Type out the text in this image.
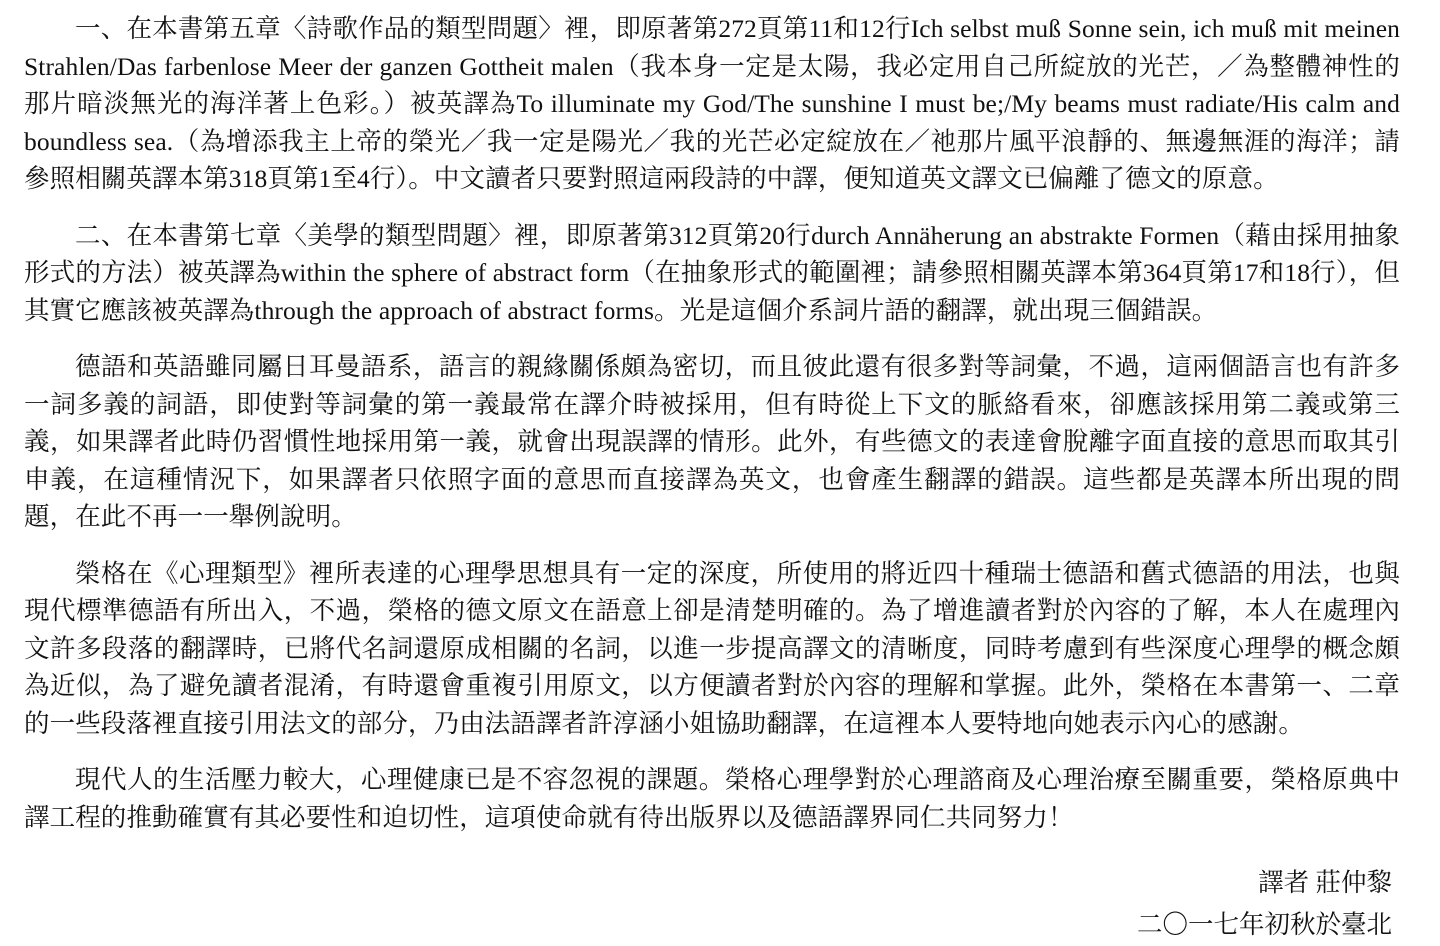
一、在本書第五章〈詩歌作品的類型問題〉裡，即原著第272頁第11和12行Ich selbst muß Sonne sein, ich muß mit meinen Strahlen/Das farbenlose Meer der ganzen Gottheit malen（我本身一定是太陽，我必定用自己所綻放的光芒，／為整體神性的那片暗淡無光的海洋著上色彩。）被英譯為To illuminate my God/The sunshine I must be;/My beams must radiate/His calm and boundless sea.（為增添我主上帝的榮光／我一定是陽光／我的光芒必定綻放在／祂那片風平浪靜的、無邊無涯的海洋；請參照相關英譯本第318頁第1至4行）。中文讀者只要對照這兩段詩的中譯，便知道英文譯文已偏離了德文的原意。

二、在本書第七章〈美學的類型問題〉裡，即原著第312頁第20行durch Annäherung an abstrakte Formen（藉由採用抽象形式的方法）被英譯為within the sphere of abstract form（在抽象形式的範圍裡；請參照相關英譯本第364頁第17和18行），但其實它應該被英譯為through the approach of abstract forms。光是這個介系詞片語的翻譯，就出現三個錯誤。

德語和英語雖同屬日耳曼語系，語言的親緣關係頗為密切，而且彼此還有很多對等詞彙，不過，這兩個語言也有許多一詞多義的詞語，即使對等詞彙的第一義最常在譯介時被採用，但有時從上下文的脈絡看來，卻應該採用第二義或第三義，如果譯者此時仍習慣性地採用第一義，就會出現誤譯的情形。此外，有些德文的表達會脫離字面直接的意思而取其引申義，在這種情況下，如果譯者只依照字面的意思而直接譯為英文，也會產生翻譯的錯誤。這些都是英譯本所出現的問題，在此不再一一舉例說明。

榮格在《心理類型》裡所表達的心理學思想具有一定的深度，所使用的將近四十種瑞士德語和舊式德語的用法，也與現代標準德語有所出入，不過，榮格的德文原文在語意上卻是清楚明確的。為了增進讀者對於內容的了解，本人在處理內文許多段落的翻譯時，已將代名詞還原成相關的名詞，以進一步提高譯文的清晰度，同時考慮到有些深度心理學的概念頗為近似，為了避免讀者混淆，有時還會重複引用原文，以方便讀者對於內容的理解和掌握。此外，榮格在本書第一、二章的一些段落裡直接引用法文的部分，乃由法語譯者許淳涵小姐協助翻譯，在這裡本人要特地向她表示內心的感謝。

現代人的生活壓力較大，心理健康已是不容忽視的課題。榮格心理學對於心理諮商及心理治療至關重要，榮格原典中譯工程的推動確實有其必要性和迫切性，這項使命就有待出版界以及德語譯界同仁共同努力！

譯者 莊仲黎
二〇一七年初秋於臺北
